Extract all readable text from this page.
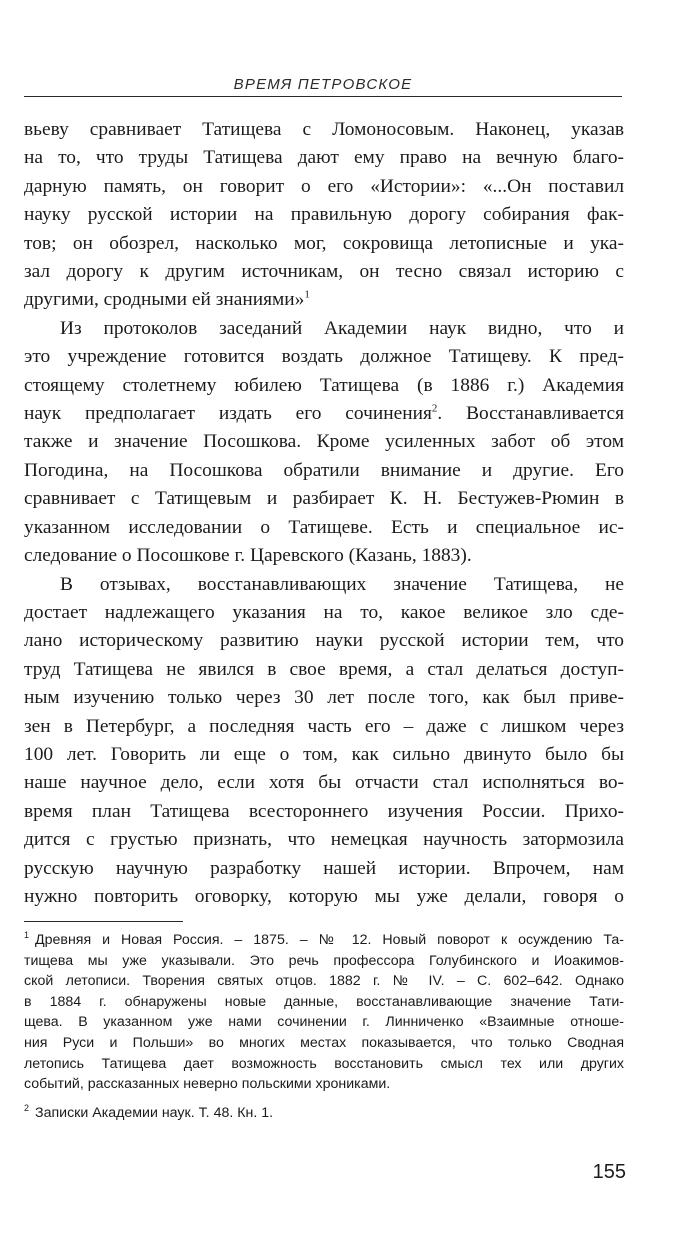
ВРЕМЯ ПЕТРОВСКОЕ
вьеву сравнивает Татищева с Ломоносовым. Наконец, указав
на то, что труды Татищева дают ему право на вечную благо-
дарную память, он говорит о его «Истории»: «...Он поставил
науку русской истории на правильную дорогу собирания фак-
тов; он обозрел, насколько мог, сокровища летописные и ука-
зал дорогу к другим источникам, он тесно связал историю с
другими, сродными ей знаниями»$^1$
Из протоколов заседаний Академии наук видно, что и
это учреждение готовится воздать должное Татищеву. К пред-
стоящему столетнему юбилею Татищева (в 1886 г.) Академия
наук предполагает издать его сочинения$^2$. Восстанавливается
также и значение Посошкова. Кроме усиленных забот об этом
Погодина, на Посошкова обратили внимание и другие. Его
сравнивает с Татищевым и разбирает К. Н. Бестужев-Рюмин в
указанном исследовании о Татищеве. Есть и специальное ис-
следование о Посошкове г. Царевского (Казань, 1883).
В отзывах, восстанавливающих значение Татищева, не
достает надлежащего указания на то, какое великое зло сде-
лано историческому развитию науки русской истории тем, что
труд Татищева не явился в свое время, а стал делаться доступ-
ным изучению только через 30 лет после того, как был приве-
зен в Петербург, а последняя часть его – даже с лишком через
100 лет. Говорить ли еще о том, как сильно двинуто было бы
наше научное дело, если хотя бы отчасти стал исполняться во-
время план Татищева всестороннего изучения России. Прихо-
дится с грустью признать, что немецкая научность затормозила
русскую научную разработку нашей истории. Впрочем, нам
нужно повторить оговорку, которую мы уже делали, говоря о
$^1$ Древняя и Новая Россия. – 1875. – № 12. Новый поворот к осуждению Та-
тищева мы уже указывали. Это речь профессора Голубинского и Иоакимов-
ской летописи. Творения святых отцов. 1882 г. № IV. – С. 602–642. Однако
в 1884 г. обнаружены новые данные, восстанавливающие значение Тати-
щева. В указанном уже нами сочинении г. Линниченко «Взаимные отноше-
ния Руси и Польши» во многих местах показывается, что только Сводная
летопись Татищева дает возможность восстановить смысл тех или других
событий, рассказанных неверно польскими хрониками.
$^2$ Записки Академии наук. Т. 48. Кн. 1.
155
